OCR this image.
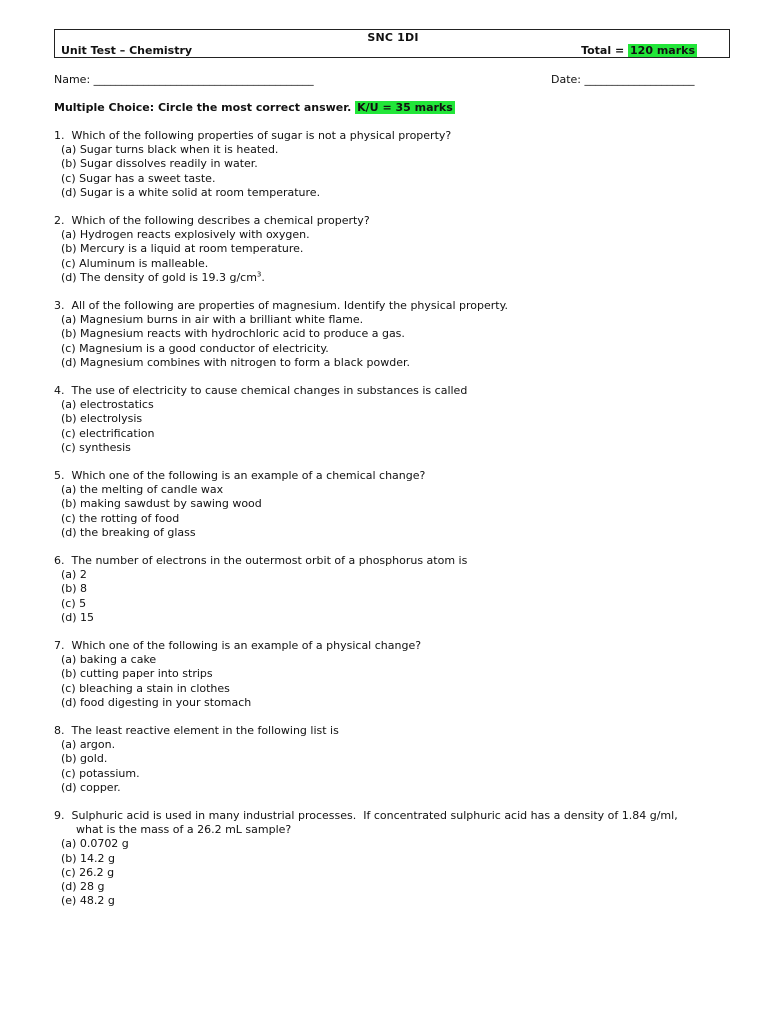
SNC 1DI
Unit Test – Chemistry	Total = 120 marks
Name: ________________________________________	Date: ____________________
Multiple Choice: Circle the most correct answer. K/U = 35 marks
1.  Which of the following properties of sugar is not a physical property?
(a) Sugar turns black when it is heated.
(b) Sugar dissolves readily in water.
(c) Sugar has a sweet taste.
(d) Sugar is a white solid at room temperature.
2.  Which of the following describes a chemical property?
(a) Hydrogen reacts explosively with oxygen.
(b) Mercury is a liquid at room temperature.
(c) Aluminum is malleable.
(d) The density of gold is 19.3 $g/cm^3$.
3.  All of the following are properties of magnesium. Identify the physical property.
(a) Magnesium burns in air with a brilliant white flame.
(b) Magnesium reacts with hydrochloric acid to produce a gas.
(c) Magnesium is a good conductor of electricity.
(d) Magnesium combines with nitrogen to form a black powder.
4.  The use of electricity to cause chemical changes in substances is called
(a) electrostatics
(b) electrolysis
(c) electrification
(c) synthesis
5.  Which one of the following is an example of a chemical change?
(a) the melting of candle wax
(b) making sawdust by sawing wood
(c) the rotting of food
(d) the breaking of glass
6.  The number of electrons in the outermost orbit of a phosphorus atom is
(a) 2
(b) 8
(c) 5
(d) 15
7.  Which one of the following is an example of a physical change?
(a) baking a cake
(b) cutting paper into strips
(c) bleaching a stain in clothes
(d) food digesting in your stomach
8.  The least reactive element in the following list is
(a) argon.
(b) gold.
(c) potassium.
(d) copper.
9.  Sulphuric acid is used in many industrial processes.  If concentrated sulphuric acid has a density of 1.84 g/ml,
what is the mass of a 26.2 mL sample?
(a) 0.0702 g
(b) 14.2 g
(c) 26.2 g
(d) 28 g
(e) 48.2 g
